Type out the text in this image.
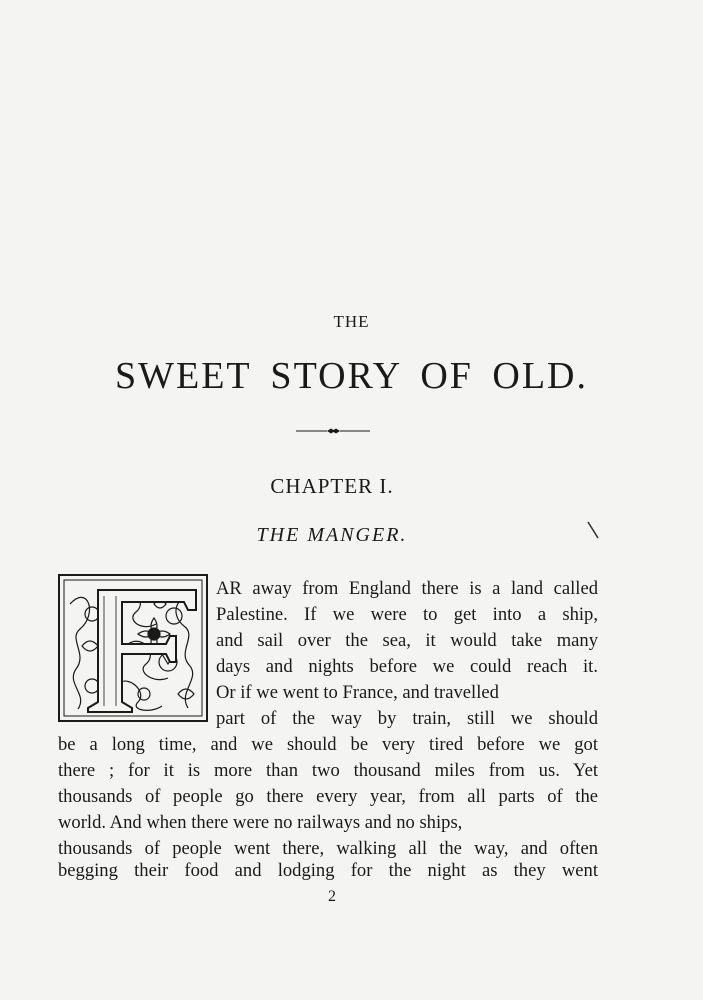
THE
SWEET STORY OF OLD.
CHAPTER I.
THE MANGER.
AR away from England there is a land called
Palestine. If we were to get into a ship,
and sail over the sea, it would take many
days and nights before we could reach it.
Or if we went to France, and travelled
part of the way by train, still we should
be a long time, and we should be very tired before we got
there ; for it is more than two thousand miles from us. Yet
thousands of people go there every year, from all parts of the
world. And when there were no railways and no ships,
thousands of people went there, walking all the way, and often
begging their food and lodging for the night as they went
2
